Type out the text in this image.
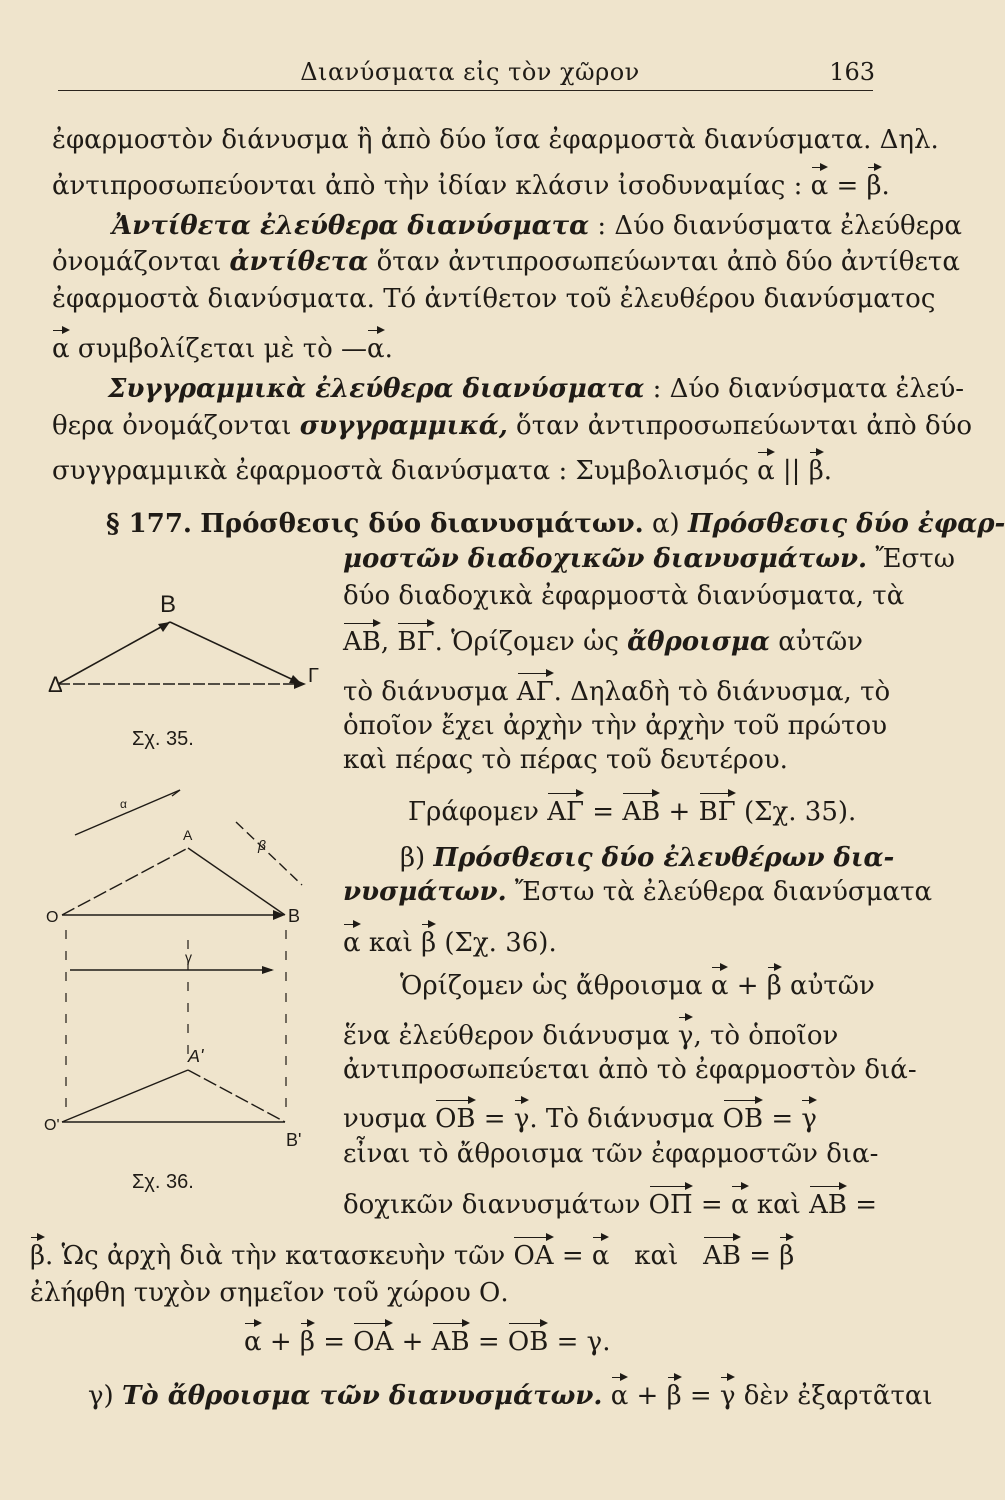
Διανύσματα εἰς τὸν χῶρον	163
ἐφαρμοστὸν διάνυσμα ἢ ἀπὸ δύο ἴσα ἐφαρμοστὰ διανύσματα. Δηλ.
ἀντιπροσωπεύονται ἀπὸ τὴν ἰδίαν κλάσιν ἰσοδυναμίας : α = β.
Ἀντίθετα ἐλεύθερα διανύσματα : Δύο διανύσματα ἐλεύθερα
ὀνομάζονται ἀντίθετα ὅταν ἀντιπροσωπεύωνται ἀπὸ δύο ἀντίθετα
ἐφαρμοστὰ διανύσματα. Τό ἀντίθετον τοῦ ἐλευθέρου διανύσματος
α συμβολίζεται μὲ τὸ —α.
Συγγραμμικὰ ἐλεύθερα διανύσματα : Δύο διανύσματα ἐλεύ-
θερα ὀνομάζονται συγγραμμικά, ὅταν ἀντιπροσωπεύωνται ἀπὸ δύο
συγγραμμικὰ ἐφαρμοστὰ διανύσματα : Συμβολισμός α || β.
§ 177. Πρόσθεσις δύο διανυσμάτων. α) Πρόσθεσις δύο ἐφαρ-
μοστῶν διαδοχικῶν διανυσμάτων. Ἔστω
δύο διαδοχικὰ ἐφαρμοστὰ διανύσματα, τὰ
ΑΒ, ΒΓ. Ὁρίζομεν ὡς ἄθροισμα αὐτῶν
τὸ διάνυσμα ΑΓ. Δηλαδὴ τὸ διάνυσμα, τὸ
ὁποῖον ἔχει ἀρχὴν τὴν ἀρχὴν τοῦ πρώτου
καὶ πέρας τὸ πέρας τοῦ δευτέρου.
Γράφομεν ΑΓ = ΑΒ + ΒΓ (Σχ. 35).
β) Πρόσθεσις δύο ἐλευθέρων δια-
νυσμάτων. Ἔστω τὰ ἐλεύθερα διανύσματα
α καὶ β (Σχ. 36).
Ὁρίζομεν ὡς ἄθροισμα α + β αὐτῶν
ἕνα ἐλεύθερον διάνυσμα γ, τὸ ὁποῖον
ἀντιπροσωπεύεται ἀπὸ τὸ ἐφαρμοστὸν διά-
νυσμα ΟΒ = γ. Τὸ διάνυσμα ΟΒ = γ
εἶναι τὸ ἄθροισμα τῶν ἐφαρμοστῶν δια-
δοχικῶν διανυσμάτων ΟΠ = α καὶ ΑΒ =
β. Ὡς ἀρχὴ διὰ τὴν κατασκευὴν τῶν ΟΑ = α καὶ ΑΒ = β
ἐλήφθη τυχὸν σημεῖον τοῦ χώρου Ο.
α + β = ΟΑ + ΑΒ = ΟΒ = γ.
γ) Τὸ ἄθροισμα τῶν διανυσμάτων. α + β = γ δὲν ἐξαρτᾶται
Β
Δ	Γ
Σχ. 35.
Α
Β
Ο
γ
Α'
Β'
Ο'
β
α
Σχ. 36.
